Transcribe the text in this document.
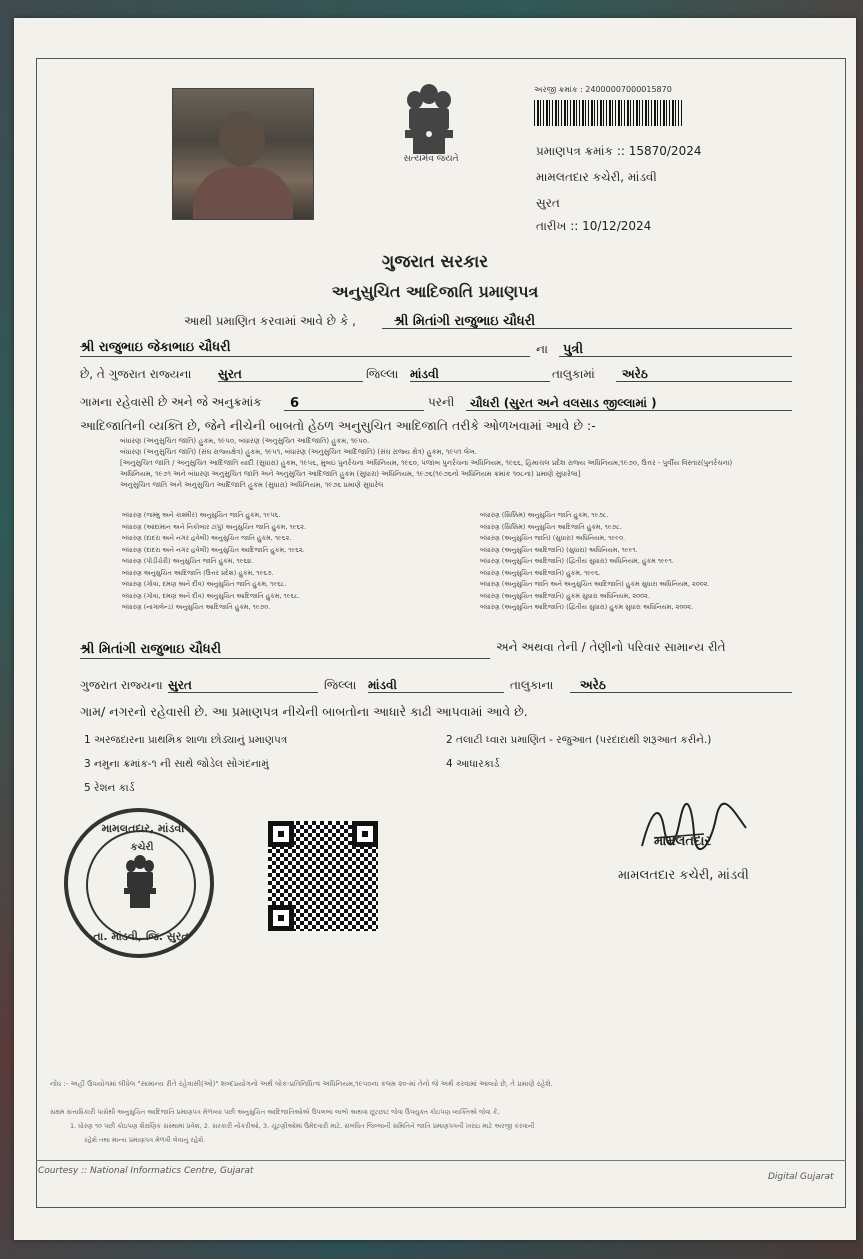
સત્યમેવ જયતે
અરજી ક્રમાંક : 24000007000015870
પ્રમાણપત્ર ક્રમાંક :: 15870/2024
મામલતદાર કચેરી, માંડવી
સુરત
તારીખ :: 10/12/2024
ગુજરાત સરકાર
અનુસુચિત આદિજાતિ પ્રમાણપત્ર
આથી પ્રમાણિત કરવામાં આવે છે કે ,	શ્રી મિતાંગી રાજુભાઇ ચૌધરી
શ્રી રાજુભાઇ જેકાભાઇ ચૌધરી	ના	પુત્રી
છે, તે ગુજરાત રાજ્યના સુરત	જિલ્લા માંડવી	તાલુકામાં	અરેઠ
ગામના રહેવાસી છે અને જે અનુક્રમાંક	6	પરની	ચૌધરી (સુરત અને વલસાડ જીલ્લામાં )
આદિજાતિની વ્યક્તિ છે, જેને નીચેની બાબતો હેઠળ અનુસુચિત આદિજાતિ તરીકે ઓળખવામાં આવે છે :-
બંધારણ (અનુસુચિત જાતિ) હુકમ, ૧૯૫૦, બંધારણ (અનુસુચિત આદિજાતિ) હુકમ, ૧૯૫૦.
બંધારણ (અનુસુચિત જાતિ) (સંઘ રાજ્યક્ષેત્ર) હુકમ, ૧૯૫૧, બંધારણ (અનુસુચિત આદિજાતિ) (સંઘ રાજ્ય ક્ષેત્ર) હુકમ, ૧૯૫૧ લેખ.
[અનુસુચિત જાતિ / અનુસુચિત આદિજાતિ યાદી (સુધારા) હુકમ, ૧૯૫૬, મુંબઇ પુનર્રચના અધિનિયમ, ૧૯૬૦, પંજાબ પુનર્રચના અધિનિયમ, ૧૯૬૬, હિમાચલ પ્રદેશ રાજ્ય અધિનિયમ,૧૯૭૦, ઉત્તર - પુર્વીય વિસ્તાર(પુનર્રચના)
અધિનિયમ, ૧૯૭૧ અને બંધારણ અનુસુચિત જાતિ અને અનુસુચિત આદિજાતિ હુકમ (સુધારા) અધિનિયમ, ૧૯૭૬(૧૯૭૬નો અધિનિયમ ક્રમાંક ૧૦૮ના) પ્રમાણે સુધારેલા]
અનુસુચિત જાતિ અને અનુસુચિત આદિજાતિ હુકમ (સુધારા) અધિનિયમ, ૧૯૭૬ પ્રમાણે સુધારેલ
બંધારણ (જમ્મુ અને કાશ્મીર) અનુસુચિત જાતિ હુકમ, ૧૯૫૬.
બંધારણ (આંદામાન અને નિકોબાર ટાપુ) અનુસુચિત જાતિ હુકમ, ૧૯૬૨.
બંધારણ (દાદરા અને નગર હવેલી) અનુસુચિત જાતિ હુકમ, ૧૯૬૨.
બંધારણ (દાદરા અને નગર હવેલી) અનુસુચિત આદિજાતિ હુકમ, ૧૯૬૨.
બંધારણ (પોંડીચેરી) અનુસુચિત જાતિ હુકમ, ૧૯૬૪.
બંધારણ અનુસુચિત આદિજાતિ (ઉત્તર પ્રદેશ) હુકમ, ૧૯૬૭.
બંધારણ (ગોવા, દમણ અને દીવ) અનુસુચિત જાતિ હુકમ, ૧૯૬૮.
બંધારણ (ગોવા, દમણ અને દીવ) અનુસુચિત આદિજાતિ હુકમ, ૧૯૬૮.
બંધારણ (નાગાલેન્ડ) અનુસુચિત આદિજાતિ હુકમ, ૧૯૭૦.
બંધારણ (સિક્કિમ) અનુસુચિત જાતિ હુકમ, ૧૯૭૮.
બંધારણ (સિક્કિમ) અનુસુચિત આદિજાતિ હુકમ, ૧૯૭૮.
બંધારણ (અનુસુચિત જાતિ) (સુધારા) અધિનિયમ, ૧૯૯૦.
બંધારણ (અનુસુચિત આદિજાતિ) (સુધારા) અધિનિયમ, ૧૯૯૧.
બંધારણ (અનુસુચિત આદિજાતિ) (દ્વિતીય સુધારા) અધિનિયમ, હુકમ ૧૯૯૧.
બંધારણ (અનુસુચિત આદિજાતિ) હુકમ, ૧૯૯૬.
બંધારણ (અનુસુચિત જાતિ અને અનુસુચિત આદિજાતિ) હુકમ સુધારા અધિનિયમ, ૨૦૦૨.
બંધારણ (અનુસુચિત આદિજાતિ) હુકમ સુધારા અધિનિયમ, ૨૦૦૨.
બંધારણ (અનુસુચિત આદિજાતિ) (દ્વિતીય સુધારા) હુકમ સુધારા અધિનિયમ, ૨૦૦૨.
શ્રી મિતાંગી રાજુભાઇ ચૌધરી	અને અથવા તેની / તેણીનો પરિવાર સામાન્ય રીતે
ગુજરાત રાજ્યના સુરત	જિલ્લા માંડવી	તાલુકાના	અરેઠ
ગામ/ નગરનો રહેવાસી છે. આ પ્રમાણપત્ર નીચેની બાબતોના આધારે કાઢી આપવામાં આવે છે.
1 અરજદારના પ્રાથમિક શાળા છોડ્યાનું પ્રમાણપત્ર	2 તલાટી ધ્વારા પ્રમાણિત - રજુઆત (પરદાદાથી શરૂઆત કરીને.)
3 નમુના ક્રમાંક-૧ ની સાથે જોડેલ સોગંદનામું	4 આધારકાર્ડ
5 રેશન કાર્ડ
મામલતદાર, માંડવી
કચેરી
તા. માંડવી, જિ. સુરત
મામલતદાર
મામલતદાર કચેરી, માંડવી
નોંધ :- અહીં ઉપયોગમાં લીધેલ "સામાન્ય રીતે રહેવાસી(ઓ)" શબ્દપ્રયોગનો અર્થ લોક-પ્રતિનિધિત્વ અધિનિયમ,૧૯૫૦ના કલમ ૨૦-માં તેનો જે અર્થ કરવામાં આવ્યો છે, તે પ્રમાણે રહેશે.
સક્ષમ સત્તાધિકારી પાસેથી અનુસુચિત આદિજાતિ પ્રમાણપત્ર મેળવ્યા પછી અનુસુચિત આદિજાતિઓએ ઉપલબ્ધ લાભો અથવા છૂટછાટ જેવા ઉપયુક્ત કોઇપણ વ્યક્તિએ જેવા કે,
1. ધોરણ ૧૦ પછી કોઇપણ શૈક્ષણિક સંસ્થામાં પ્રવેશ, 2. સરકારી નોકરીઓ, 3. ચૂંટણીઓમાં ઉમેદવારી માટે, સંબંધિત જિલ્લાની સમિતિને જાતિ પ્રમાણપત્રની ખરાઇ માટે અરજી કરવાની
રહેશે તથા માન્ય પ્રમાણપત્ર મેળવી લેવાનું રહેશે.
Courtesy :: National Informatics Centre, Gujarat
Digital Gujarat
